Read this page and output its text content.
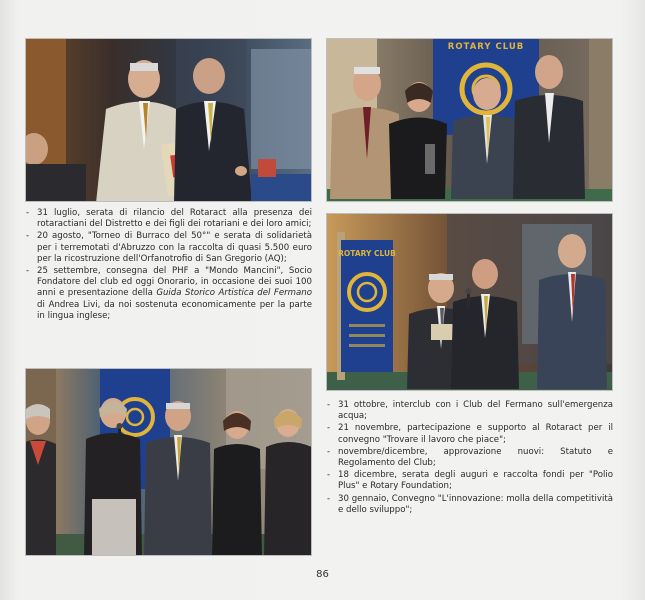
ROTARY CLUB
- 31 luglio, serata di rilancio del Rotaract alla presenza dei rotaractiani del Distretto e dei figli dei rotariani e dei loro amici;
- 20 agosto, "Torneo di Burraco del 50°" e serata di solidarietà per i terremotati d'Abruzzo con la raccolta di quasi 5.500 euro per la ricostruzione dell'Orfanotrofio di San Gregorio (AQ);
- 25 settembre, consegna del PHF a "Mondo Mancini", Socio Fondatore del club ed oggi Onorario, in occasione dei suoi 100 anni e presentazione della Guida Storico Artistica del Fermano di Andrea Livi, da noi sostenuta economicamente per la parte in lingua inglese;
ROTARY CLUB
- 31 ottobre, interclub con i Club del Fermano sull'emergenza acqua;
- 21 novembre, partecipazione e supporto al Rotaract per il convegno "Trovare il lavoro che piace";
- novembre/dicembre, approvazione nuovi: Statuto e Regolamento del Club;
- 18 dicembre, serata degli auguri e raccolta fondi per "Polio Plus" e Rotary Foundation;
- 30 gennaio, Convegno "L'innovazione: molla della competitività e dello sviluppo";
86
